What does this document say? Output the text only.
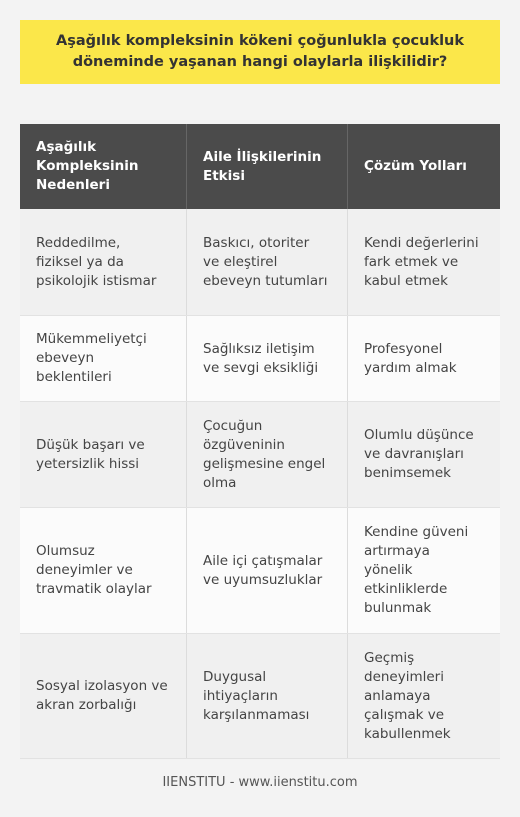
Aşağılık kompleksinin kökeni çoğunlukla çocukluk döneminde yaşanan hangi olaylarla ilişkilidir?
Aşağılık Kompleksinin Nedenleri
Aile İlişkilerinin Etkisi
Çözüm Yolları
Reddedilme, fiziksel ya da psikolojik istismar
Baskıcı, otoriter ve eleştirel ebeveyn tutumları
Kendi değerlerini fark etmek ve kabul etmek
Mükemmeliyetçi ebeveyn beklentileri
Sağlıksız iletişim ve sevgi eksikliği
Profesyonel yardım almak
Düşük başarı ve yetersizlik hissi
Çocuğun özgüveninin gelişmesine engel olma
Olumlu düşünce ve davranışları benimsemek
Olumsuz deneyimler ve travmatik olaylar
Aile içi çatışmalar ve uyumsuzluklar
Kendine güveni artırmaya yönelik etkinliklerde bulunmak
Sosyal izolasyon ve akran zorbalığı
Duygusal ihtiyaçların karşılanmaması
Geçmiş deneyimleri anlamaya çalışmak ve kabullenmek
IIENSTITU - www.iienstitu.com
